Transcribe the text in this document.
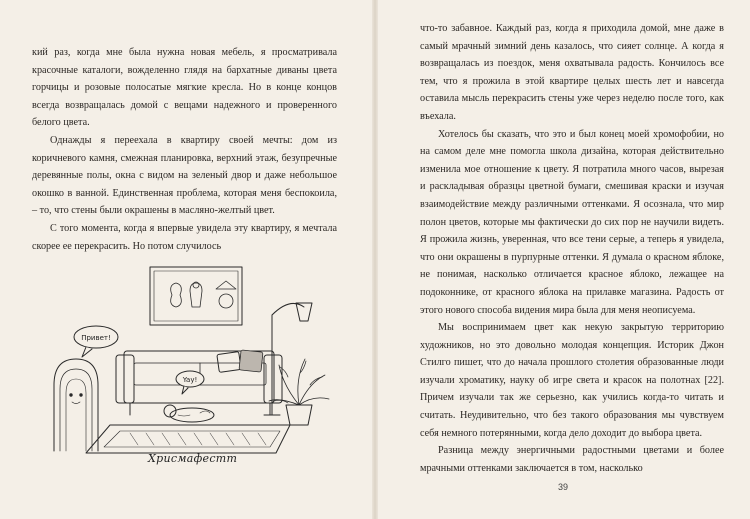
кий раз, когда мне была нужна новая мебель, я просматривала красочные каталоги, вожделенно глядя на бархатные диваны цвета горчицы и розовые полосатые мягкие кресла. Но в конце концов всегда возвращалась домой с вещами надежного и проверенного белого цвета.

Однажды я переехала в квартиру своей мечты: дом из коричневого камня, смежная планировка, верхний этаж, безупречные деревянные полы, окна с видом на зеленый двор и даже небольшое окошко в ванной. Единственная проблема, которая меня беспокоила, – то, что стены были окрашены в масляно-желтый цвет.

С того момента, когда я впервые увидела эту квартиру, я мечтала скорее ее перекрасить. Но потом случилось

Привет!
Yay!
Хрисмафестт

что-то забавное. Каждый раз, когда я приходила домой, мне даже в самый мрачный зимний день казалось, что сияет солнце. А когда я возвращалась из поездок, меня охватывала радость. Кончилось все тем, что я прожила в этой квартире целых шесть лет и навсегда оставила мысль перекрасить стены уже через неделю после того, как въехала.

Хотелось бы сказать, что это и был конец моей хромофобии, но на самом деле мне помогла школа дизайна, которая действительно изменила мое отношение к цвету. Я потратила много часов, вырезая и раскладывая образцы цветной бумаги, смешивая краски и изучая взаимодействие между различными оттенками. Я осознала, что мир полон цветов, которые мы фактически до сих пор не научили видеть. Я прожила жизнь, уверенная, что все тени серые, а теперь я увидела, что они окрашены в пурпурные оттенки. Я думала о красном яблоке, не понимая, насколько отличается красное яблоко, лежащее на подоконнике, от красного яблока на прилавке магазина. Радость от этого нового способа видения мира была для меня неописуема.

Мы воспринимаем цвет как некую закрытую территорию художников, но это довольно молодая концепция. Историк Джон Стилго пишет, что до начала прошлого столетия образованные люди изучали хроматику, науку об игре света и красок на полотнах [22]. Причем изучали так же серьезно, как учились когда-то читать и считать. Неудивительно, что без такого образования мы чувствуем себя немного потерянными, когда дело доходит до выбора цвета.

Разница между энергичными радостными цветами и более мрачными оттенками заключается в том, насколько

39
